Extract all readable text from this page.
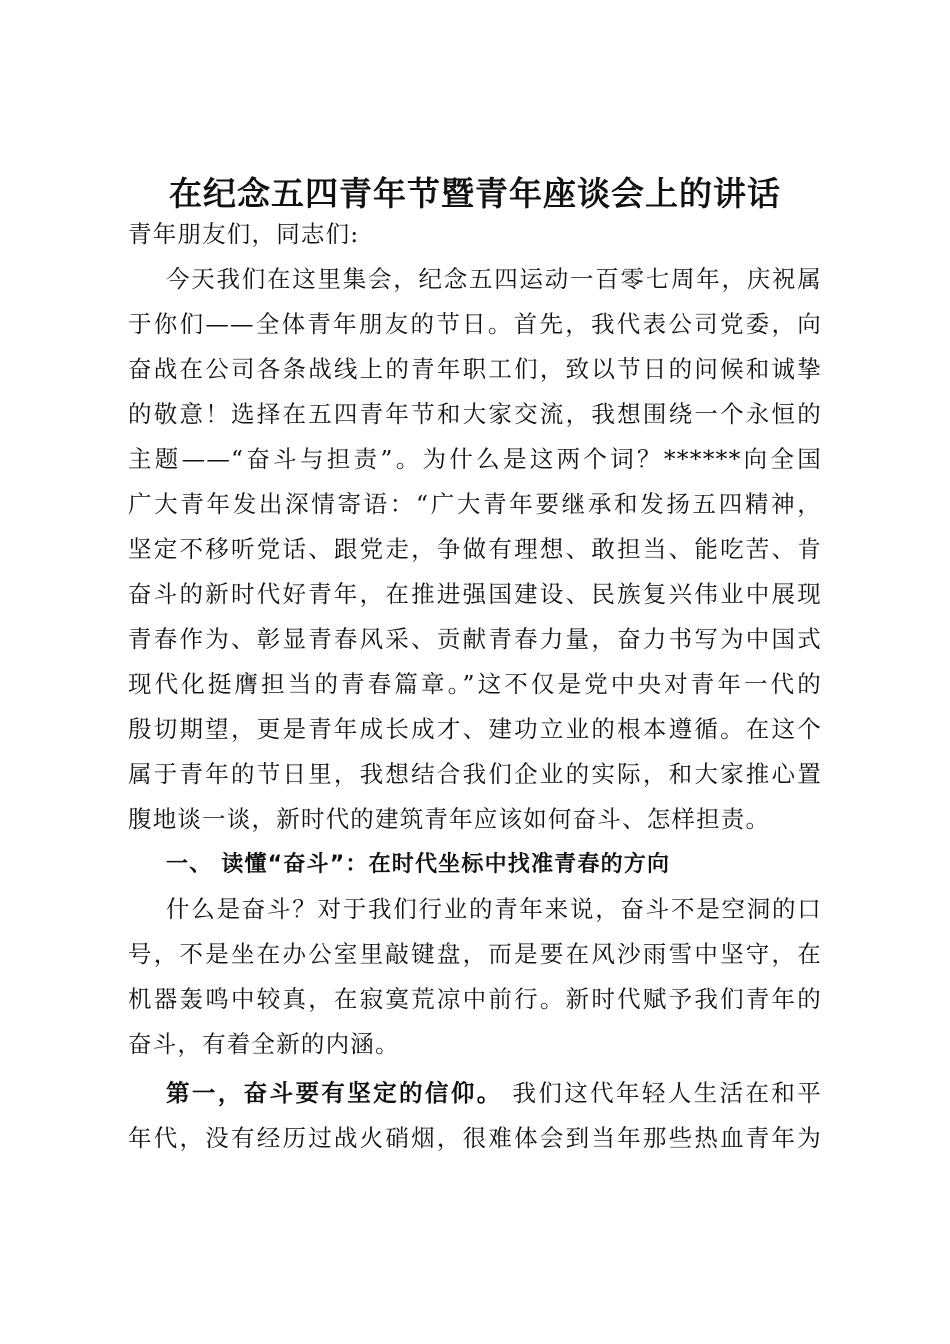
在纪念五四青年节暨青年座谈会上的讲话

青年朋友们，同志们:

今天我们在这里集会，纪念五四运动一百零七周年，庆祝属

于你们——全体青年朋友的节日。首先，我代表公司党委，向

奋战在公司各条战线上的青年职工们，致以节日的问候和诚挚

的敬意！选择在五四青年节和大家交流，我想围绕一个永恒的

主题——“奋斗与担责”。为什么是这两个词？******向全国

广大青年发出深情寄语：“广大青年要继承和发扬五四精神，

坚定不移听党话、跟党走，争做有理想、敢担当、能吃苦、肯

奋斗的新时代好青年，在推进强国建设、民族复兴伟业中展现

青春作为、彰显青春风采、贡献青春力量，奋力书写为中国式

现代化挺膺担当的青春篇章。”这不仅是党中央对青年一代的

殷切期望，更是青年成长成才、建功立业的根本遵循。在这个

属于青年的节日里，我想结合我们企业的实际，和大家推心置

腹地谈一谈，新时代的建筑青年应该如何奋斗、怎样担责。

一、 读懂“奋斗”：在时代坐标中找准青春的方向

什么是奋斗？对于我们行业的青年来说，奋斗不是空洞的口

号，不是坐在办公室里敲键盘，而是要在风沙雨雪中坚守，在

机器轰鸣中较真，在寂寞荒凉中前行。新时代赋予我们青年的

奋斗，有着全新的内涵。

第一，奋斗要有坚定的信仰。 我们这代年轻人生活在和平

年代，没有经历过战火硝烟，很难体会到当年那些热血青年为
